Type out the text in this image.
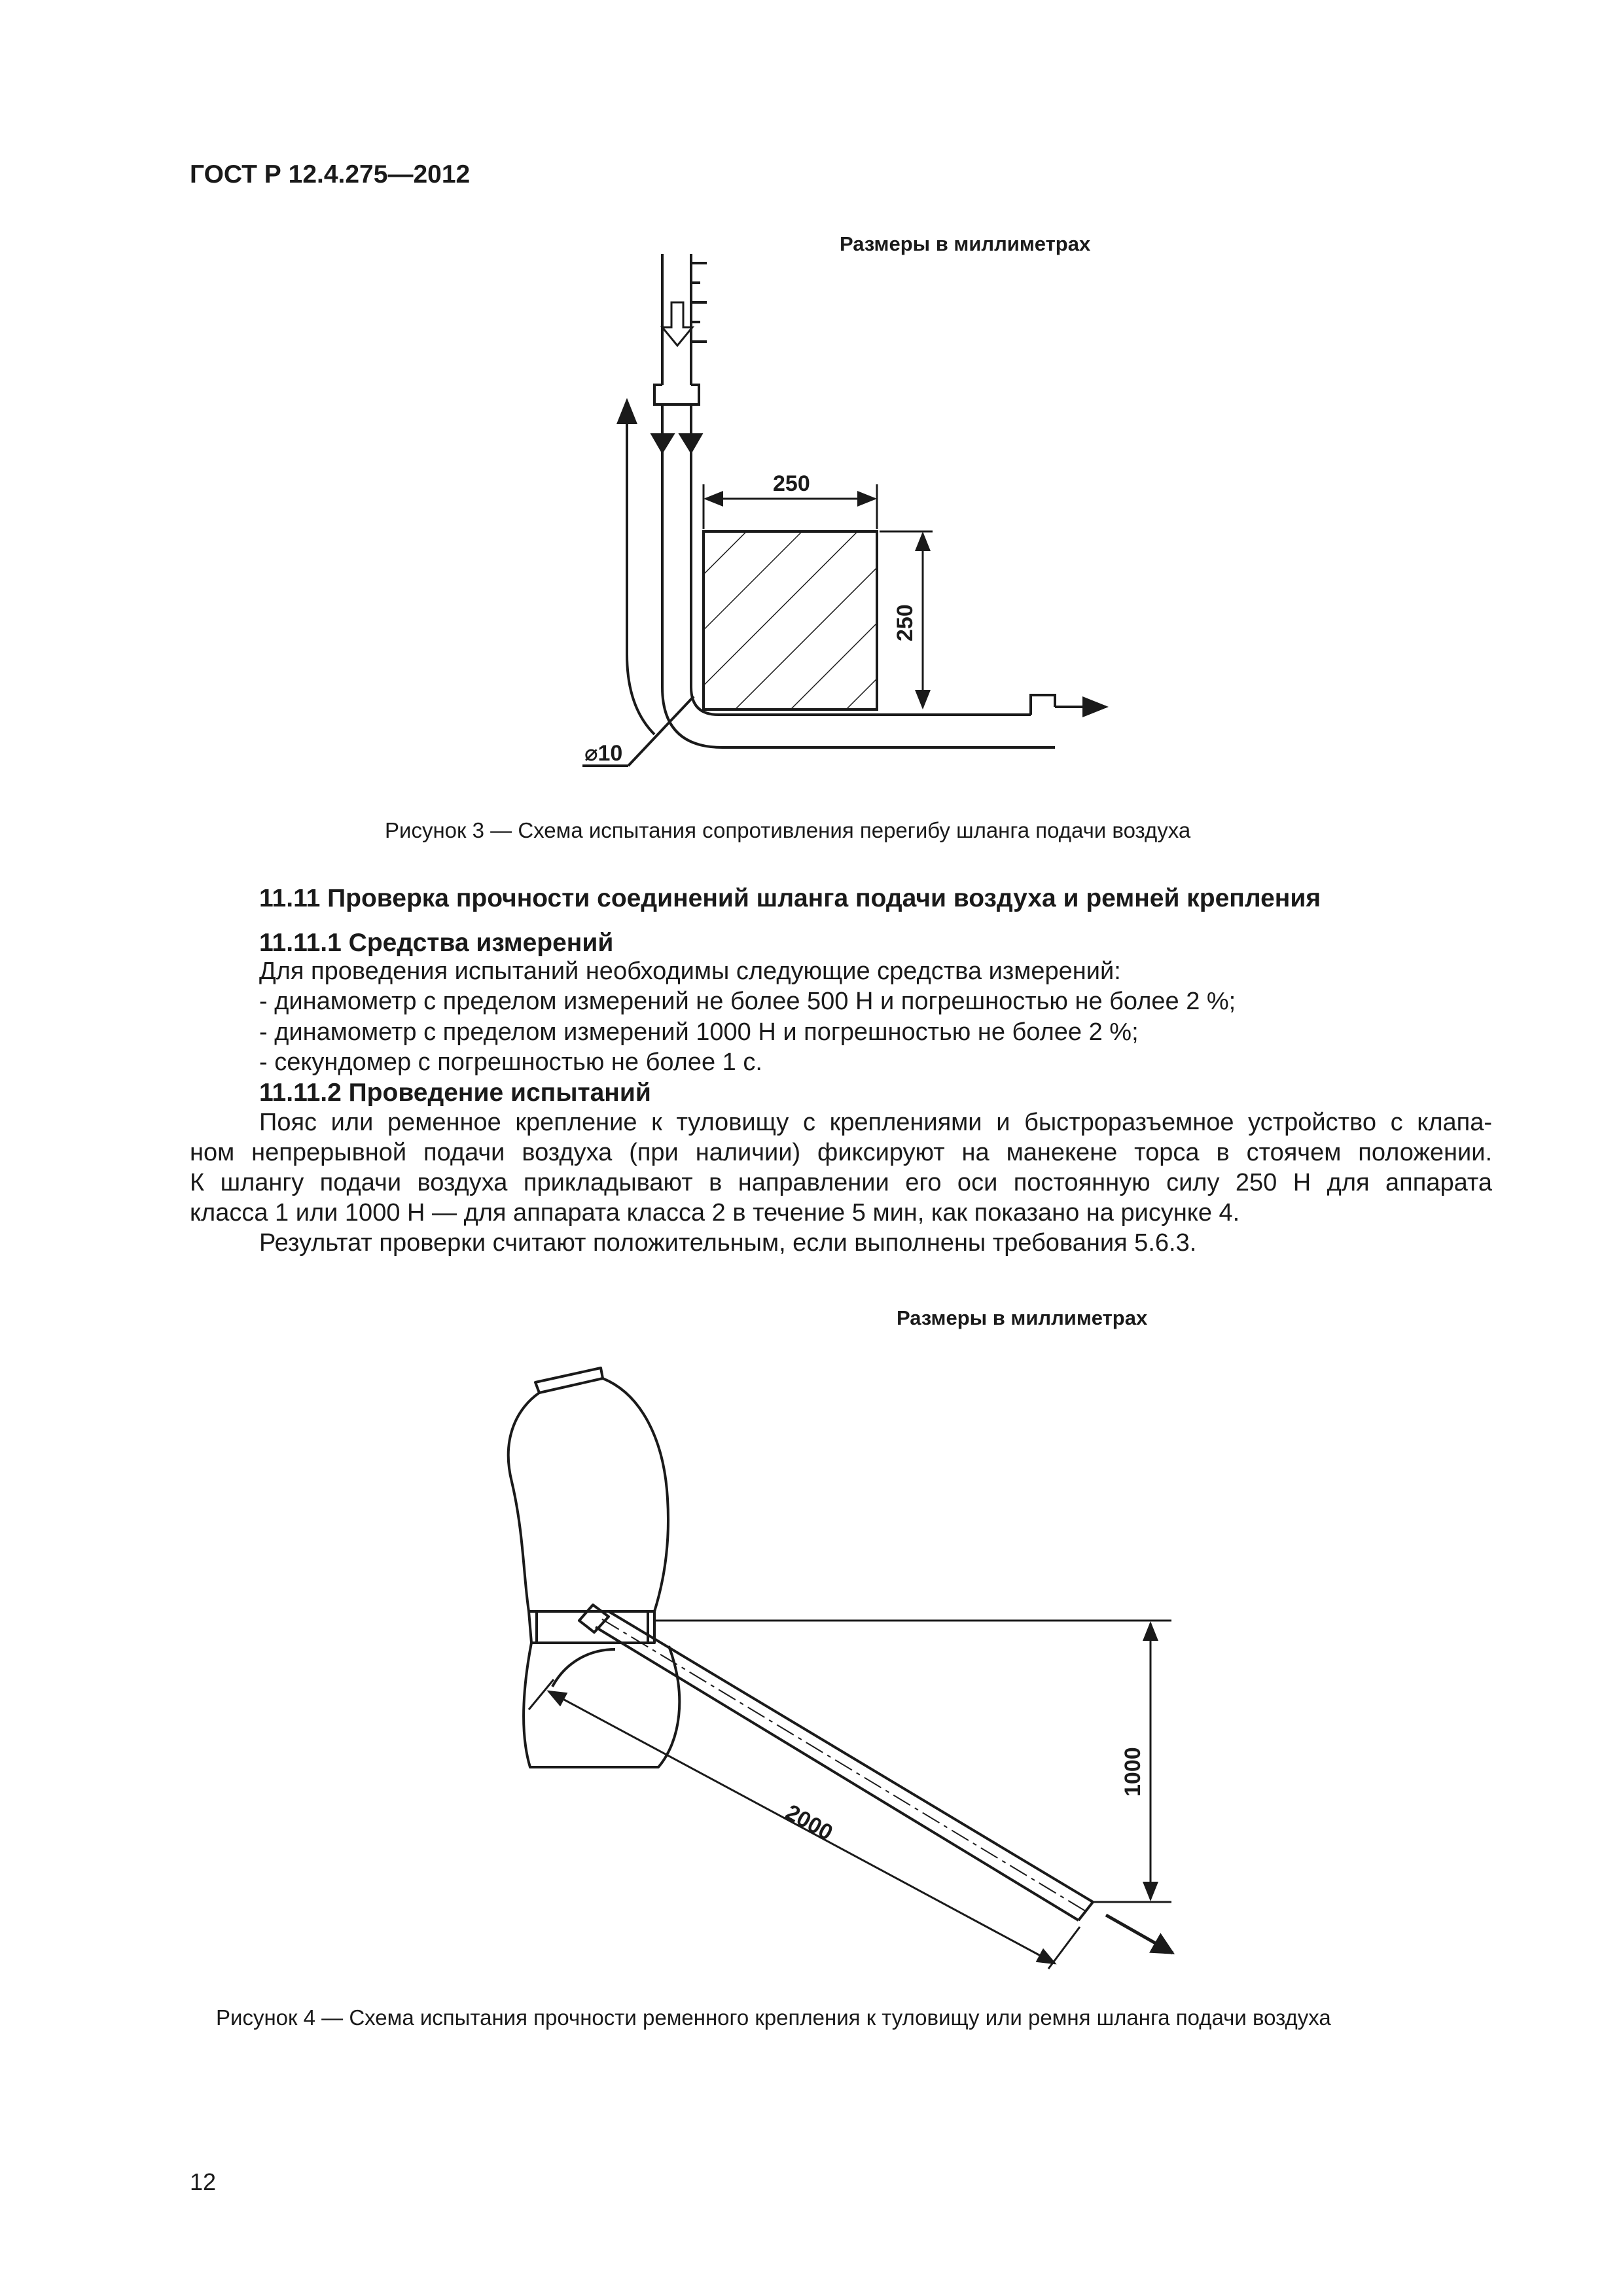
ГОСТ Р 12.4.275—2012
Размеры в миллиметрах
250
250
⌀10
Рисунок 3 — Схема испытания сопротивления перегибу шланга подачи воздуха
11.11 Проверка прочности соединений шланга подачи воздуха и ремней крепления
11.11.1 Средства измерений
Для проведения испытаний необходимы следующие средства измерений:
- динамометр с пределом измерений не более 500 Н и погрешностью не более 2 %;
- динамометр с пределом измерений 1000 Н и погрешностью не более 2 %;
- секундомер с погрешностью не более 1 с.
11.11.2 Проведение испытаний
Пояс или ременное крепление к туловищу с креплениями и быстроразъемное устройство с клапа-
ном непрерывной подачи воздуха (при наличии) фиксируют на манекене торса в стоячем положении.
К шлангу подачи воздуха прикладывают в направлении его оси постоянную силу 250 Н для аппарата
класса 1 или 1000 Н — для аппарата класса 2 в течение 5 мин, как показано на рисунке 4.
Результат проверки считают положительным, если выполнены требования 5.6.3.
Размеры в миллиметрах
2000
1000
Рисунок 4 — Схема испытания прочности ременного крепления к туловищу или ремня шланга подачи воздуха
12
